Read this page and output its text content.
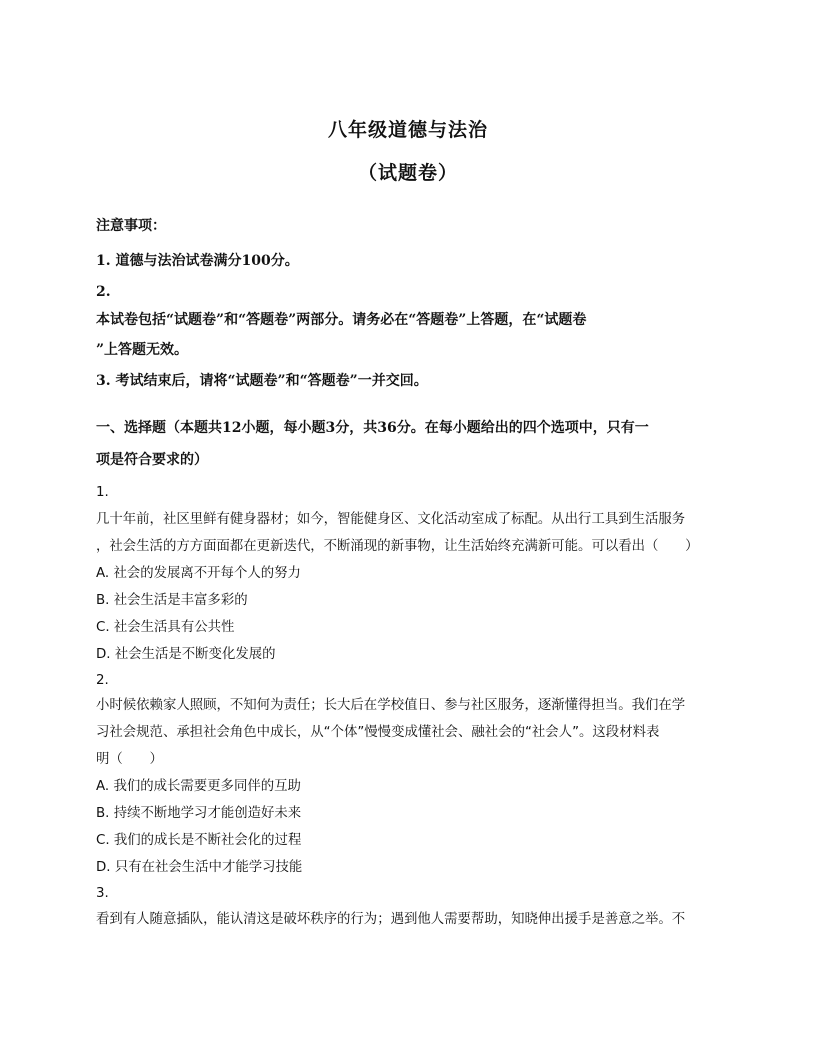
八年级道德与法治
（试题卷）
注意事项：
1. 道德与法治试卷满分100分。
2.
本试卷包括“试题卷”和“答题卷”两部分。请务必在“答题卷”上答题，在“试题卷
”上答题无效。
3. 考试结束后，请将“试题卷”和“答题卷”一并交回。
一、选择题（本题共12小题，每小题3分，共36分。在每小题给出的四个选项中，只有一
项是符合要求的）
1.
几十年前，社区里鲜有健身器材；如今，智能健身区、文化活动室成了标配。从出行工具到生活服务
，社会生活的方方面面都在更新迭代，不断涌现的新事物，让生活始终充满新可能。可以看出（　　）
A. 社会的发展离不开每个人的努力
B. 社会生活是丰富多彩的
C. 社会生活具有公共性
D. 社会生活是不断变化发展的
2.
小时候依赖家人照顾，不知何为责任；长大后在学校值日、参与社区服务，逐渐懂得担当。我们在学
习社会规范、承担社会角色中成长，从“个体”慢慢变成懂社会、融社会的“社会人”。这段材料表
明（　　）
A. 我们的成长需要更多同伴的互助
B. 持续不断地学习才能创造好未来
C. 我们的成长是不断社会化的过程
D. 只有在社会生活中才能学习技能
3.
看到有人随意插队，能认清这是破坏秩序的行为；遇到他人需要帮助，知晓伸出援手是善意之举。不
